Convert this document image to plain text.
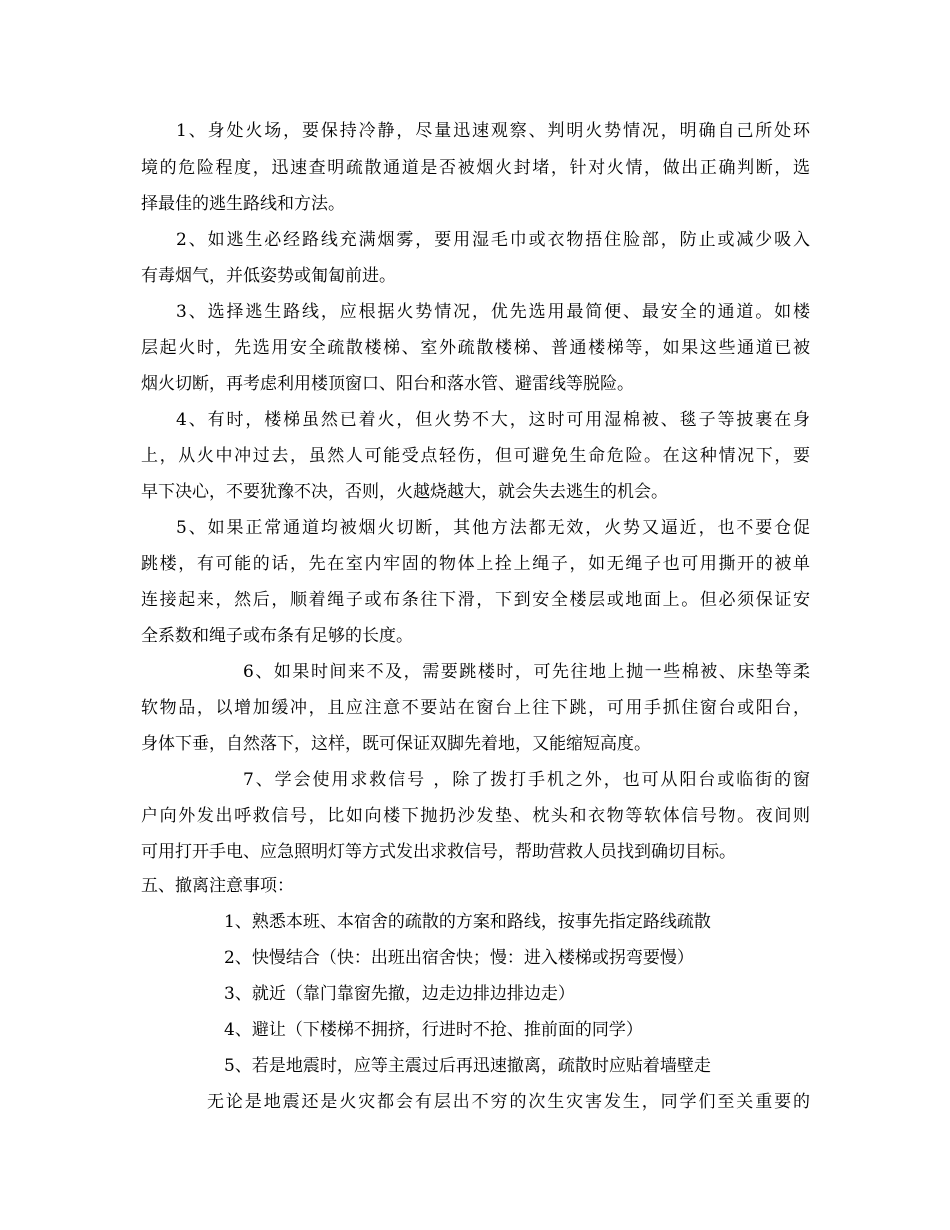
1、身处火场，要保持冷静，尽量迅速观察、判明火势情况，明确自己所处环
境的危险程度，迅速查明疏散通道是否被烟火封堵，针对火情，做出正确判断，选
择最佳的逃生路线和方法。
2、如逃生必经路线充满烟雾，要用湿毛巾或衣物捂住脸部，防止或减少吸入
有毒烟气，并低姿势或匍匐前进。
3、选择逃生路线，应根据火势情况，优先选用最简便、最安全的通道。如楼
层起火时，先选用安全疏散楼梯、室外疏散楼梯、普通楼梯等，如果这些通道已被
烟火切断，再考虑利用楼顶窗口、阳台和落水管、避雷线等脱险。
4、有时，楼梯虽然已着火，但火势不大，这时可用湿棉被、毯子等披裹在身
上，从火中冲过去，虽然人可能受点轻伤，但可避免生命危险。在这种情况下，要
早下决心，不要犹豫不决，否则，火越烧越大，就会失去逃生的机会。
5、如果正常通道均被烟火切断，其他方法都无效，火势又逼近，也不要仓促
跳楼，有可能的话，先在室内牢固的物体上拴上绳子，如无绳子也可用撕开的被单
连接起来，然后，顺着绳子或布条往下滑，下到安全楼层或地面上。但必须保证安
全系数和绳子或布条有足够的长度。
6、如果时间来不及，需要跳楼时，可先往地上抛一些棉被、床垫等柔
软物品，以增加缓冲，且应注意不要站在窗台上往下跳，可用手抓住窗台或阳台，
身体下垂，自然落下，这样，既可保证双脚先着地，又能缩短高度。
7、学会使用求救信号 ，除了拨打手机之外，也可从阳台或临街的窗
户向外发出呼救信号，比如向楼下抛扔沙发垫、枕头和衣物等软体信号物。夜间则
可用打开手电、应急照明灯等方式发出求救信号，帮助营救人员找到确切目标。
五、撤离注意事项：
1、熟悉本班、本宿舍的疏散的方案和路线，按事先指定路线疏散
2、快慢结合（快：出班出宿舍快；慢：进入楼梯或拐弯要慢）
3、就近（靠门靠窗先撤，边走边排边排边走）
4、避让（下楼梯不拥挤，行进时不抢、推前面的同学）
5、若是地震时，应等主震过后再迅速撤离，疏散时应贴着墙壁走
无论是地震还是火灾都会有层出不穷的次生灾害发生，同学们至关重要的
